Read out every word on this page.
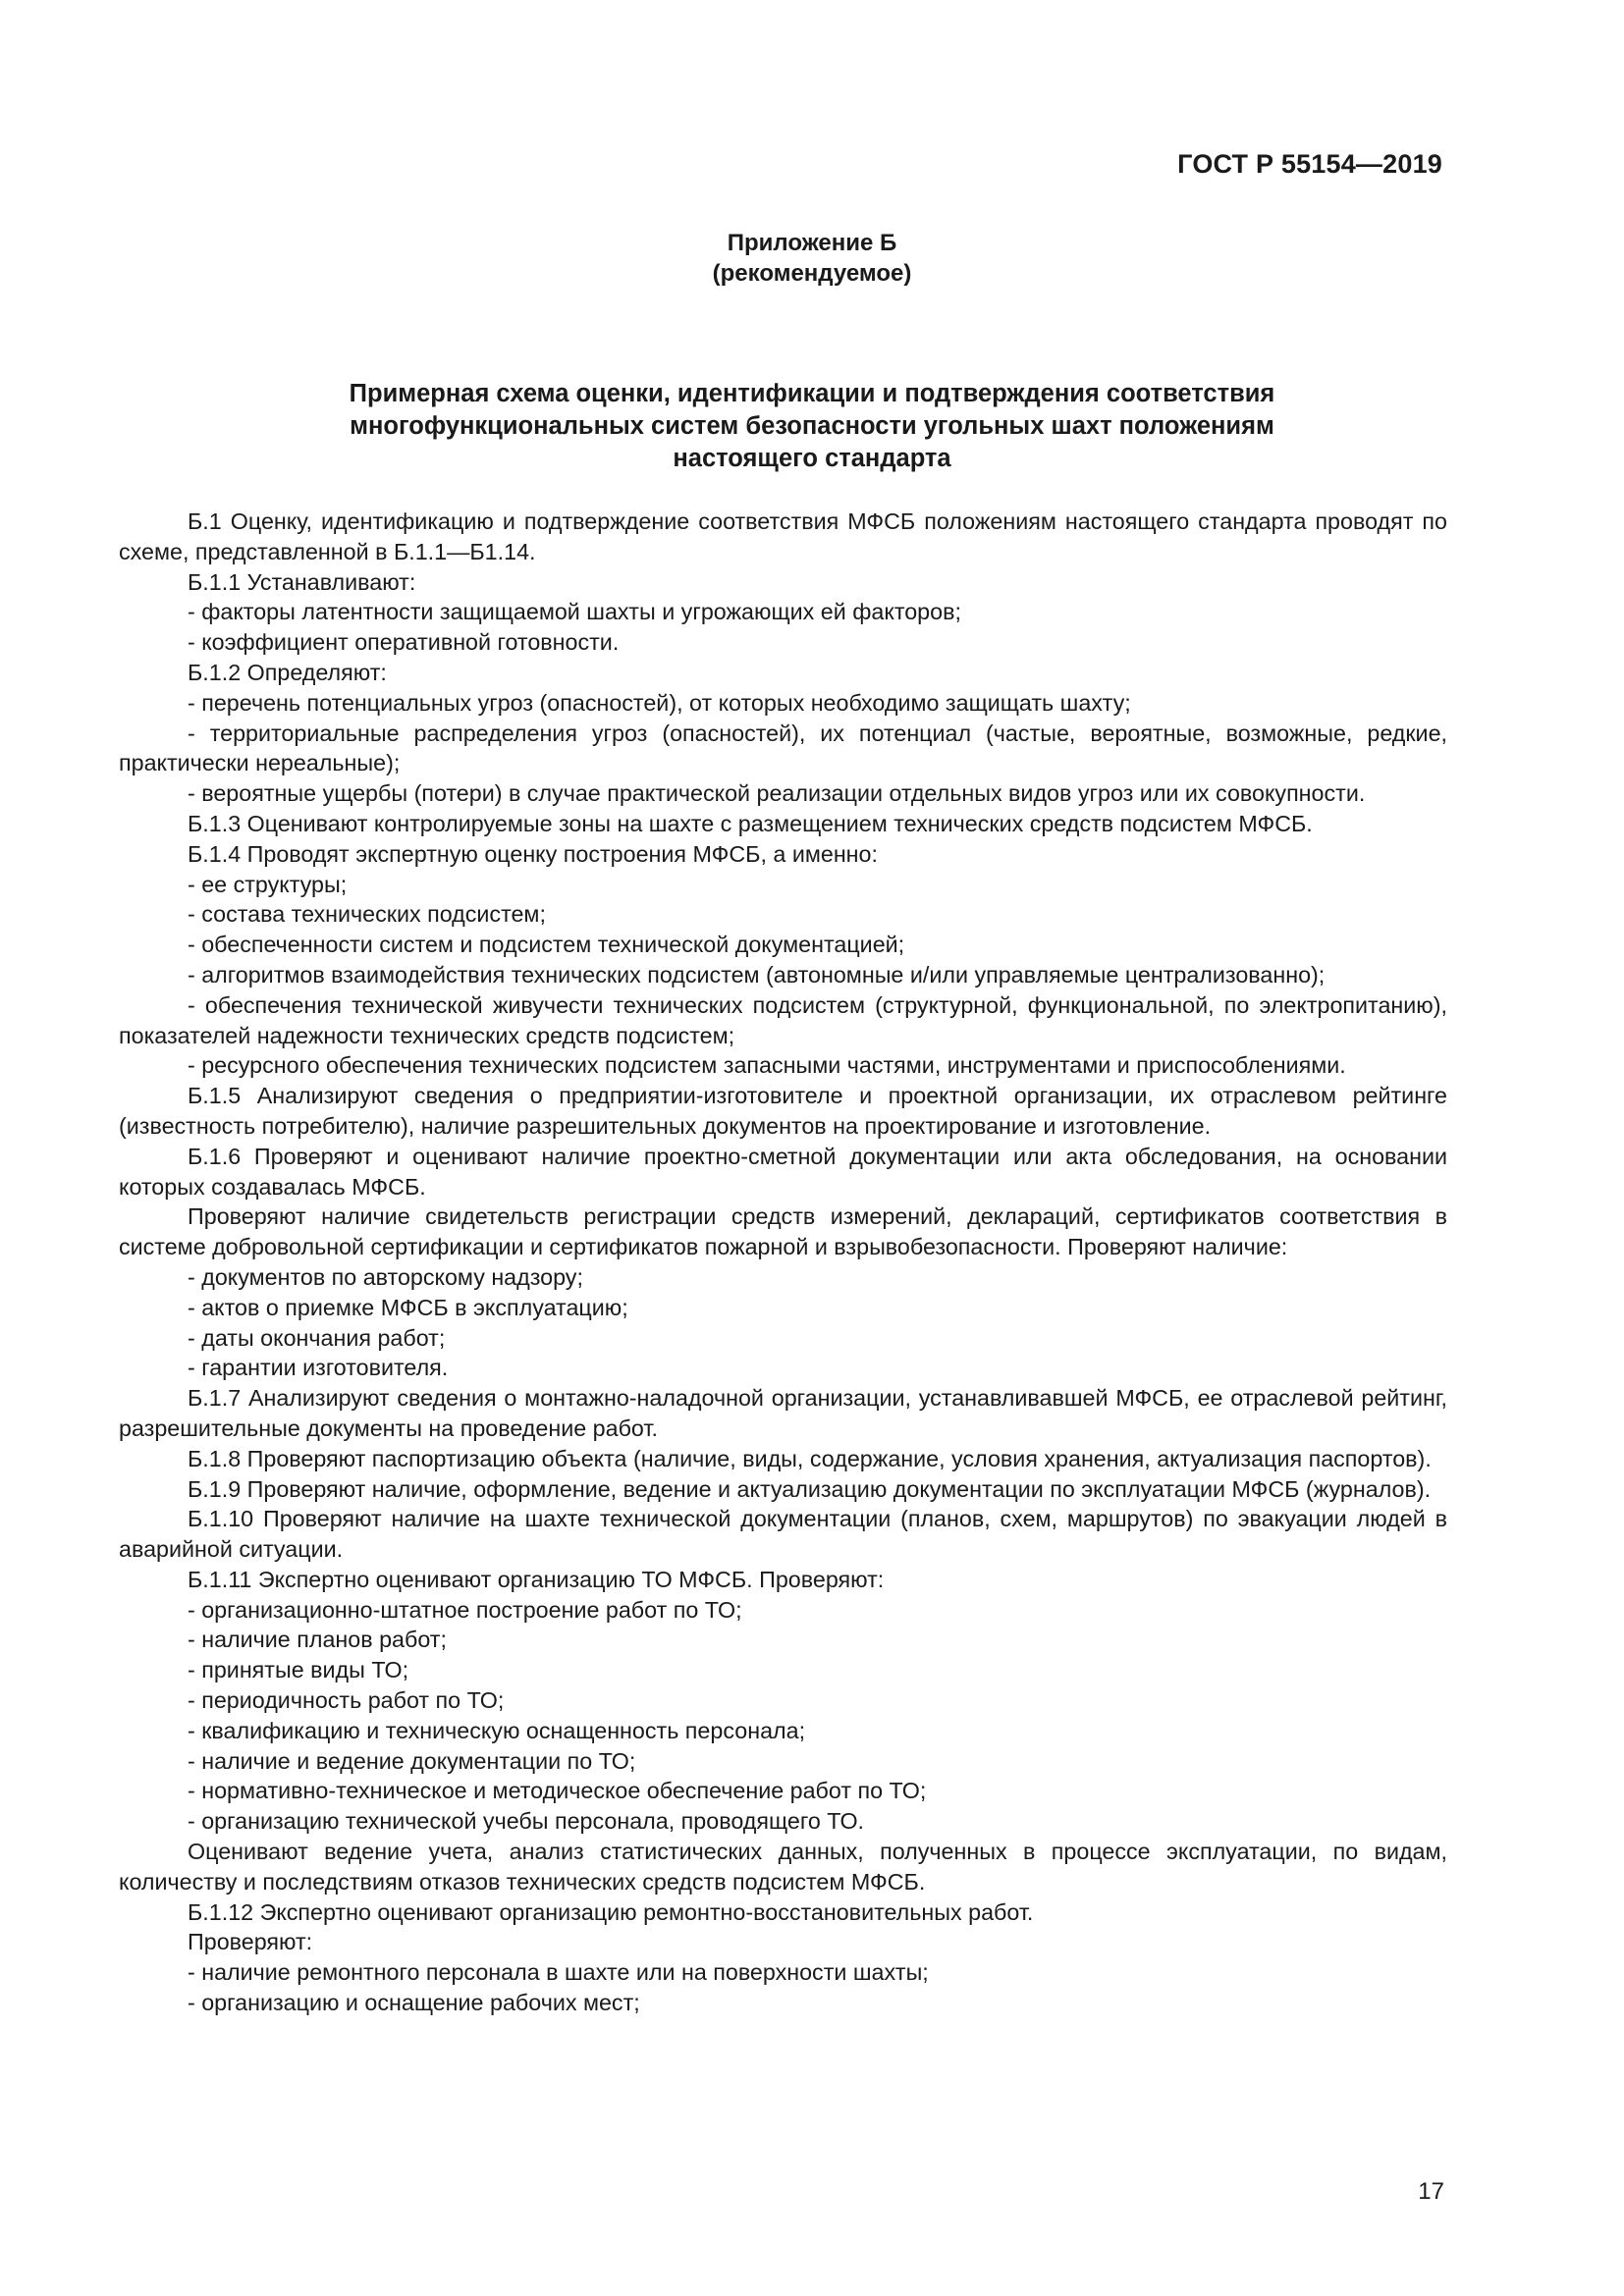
ГОСТ Р 55154—2019
Приложение Б
(рекомендуемое)
Примерная схема оценки, идентификации и подтверждения соответствия
многофункциональных систем безопасности угольных шахт положениям
настоящего стандарта

Б.1 Оценку, идентификацию и подтверждение соответствия МФСБ положениям настоящего стандарта проводят по схеме, представленной в Б.1.1—Б1.14.

Б.1.1 Устанавливают:

- факторы латентности защищаемой шахты и угрожающих ей факторов;

- коэффициент оперативной готовности.

Б.1.2 Определяют:

- перечень потенциальных угроз (опасностей), от которых необходимо защищать шахту;

- территориальные распределения угроз (опасностей), их потенциал (частые, вероятные, возможные, редкие, практически нереальные);

- вероятные ущербы (потери) в случае практической реализации отдельных видов угроз или их совокупности.

Б.1.3 Оценивают контролируемые зоны на шахте с размещением технических средств подсистем МФСБ.

Б.1.4 Проводят экспертную оценку построения МФСБ, а именно:

- ее структуры;

- состава технических подсистем;

- обеспеченности систем и подсистем технической документацией;

- алгоритмов взаимодействия технических подсистем (автономные и/или управляемые централизованно);

- обеспечения технической живучести технических подсистем (структурной, функциональной, по электропитанию), показателей надежности технических средств подсистем;

- ресурсного обеспечения технических подсистем запасными частями, инструментами и приспособлениями.

Б.1.5 Анализируют сведения о предприятии-изготовителе и проектной организации, их отраслевом рейтинге (известность потребителю), наличие разрешительных документов на проектирование и изготовление.

Б.1.6 Проверяют и оценивают наличие проектно-сметной документации или акта обследования, на основании которых создавалась МФСБ.

Проверяют наличие свидетельств регистрации средств измерений, деклараций, сертификатов соответствия в системе добровольной сертификации и сертификатов пожарной и взрывобезопасности. Проверяют наличие:

- документов по авторскому надзору;

- актов о приемке МФСБ в эксплуатацию;

- даты окончания работ;

- гарантии изготовителя.

Б.1.7 Анализируют сведения о монтажно-наладочной организации, устанавливавшей МФСБ, ее отраслевой рейтинг, разрешительные документы на проведение работ.

Б.1.8 Проверяют паспортизацию объекта (наличие, виды, содержание, условия хранения, актуализация паспортов).

Б.1.9 Проверяют наличие, оформление, ведение и актуализацию документации по эксплуатации МФСБ (журналов).

Б.1.10 Проверяют наличие на шахте технической документации (планов, схем, маршрутов) по эвакуации людей в аварийной ситуации.

Б.1.11 Экспертно оценивают организацию ТО МФСБ. Проверяют:

- организационно-штатное построение работ по ТО;

- наличие планов работ;

- принятые виды ТО;

- периодичность работ по ТО;

- квалификацию и техническую оснащенность персонала;

- наличие и ведение документации по ТО;

- нормативно-техническое и методическое обеспечение работ по ТО;

- организацию технической учебы персонала, проводящего ТО.

Оценивают ведение учета, анализ статистических данных, полученных в процессе эксплуатации, по видам, количеству и последствиям отказов технических средств подсистем МФСБ.

Б.1.12 Экспертно оценивают организацию ремонтно-восстановительных работ.

Проверяют:

- наличие ремонтного персонала в шахте или на поверхности шахты;

- организацию и оснащение рабочих мест;

17
